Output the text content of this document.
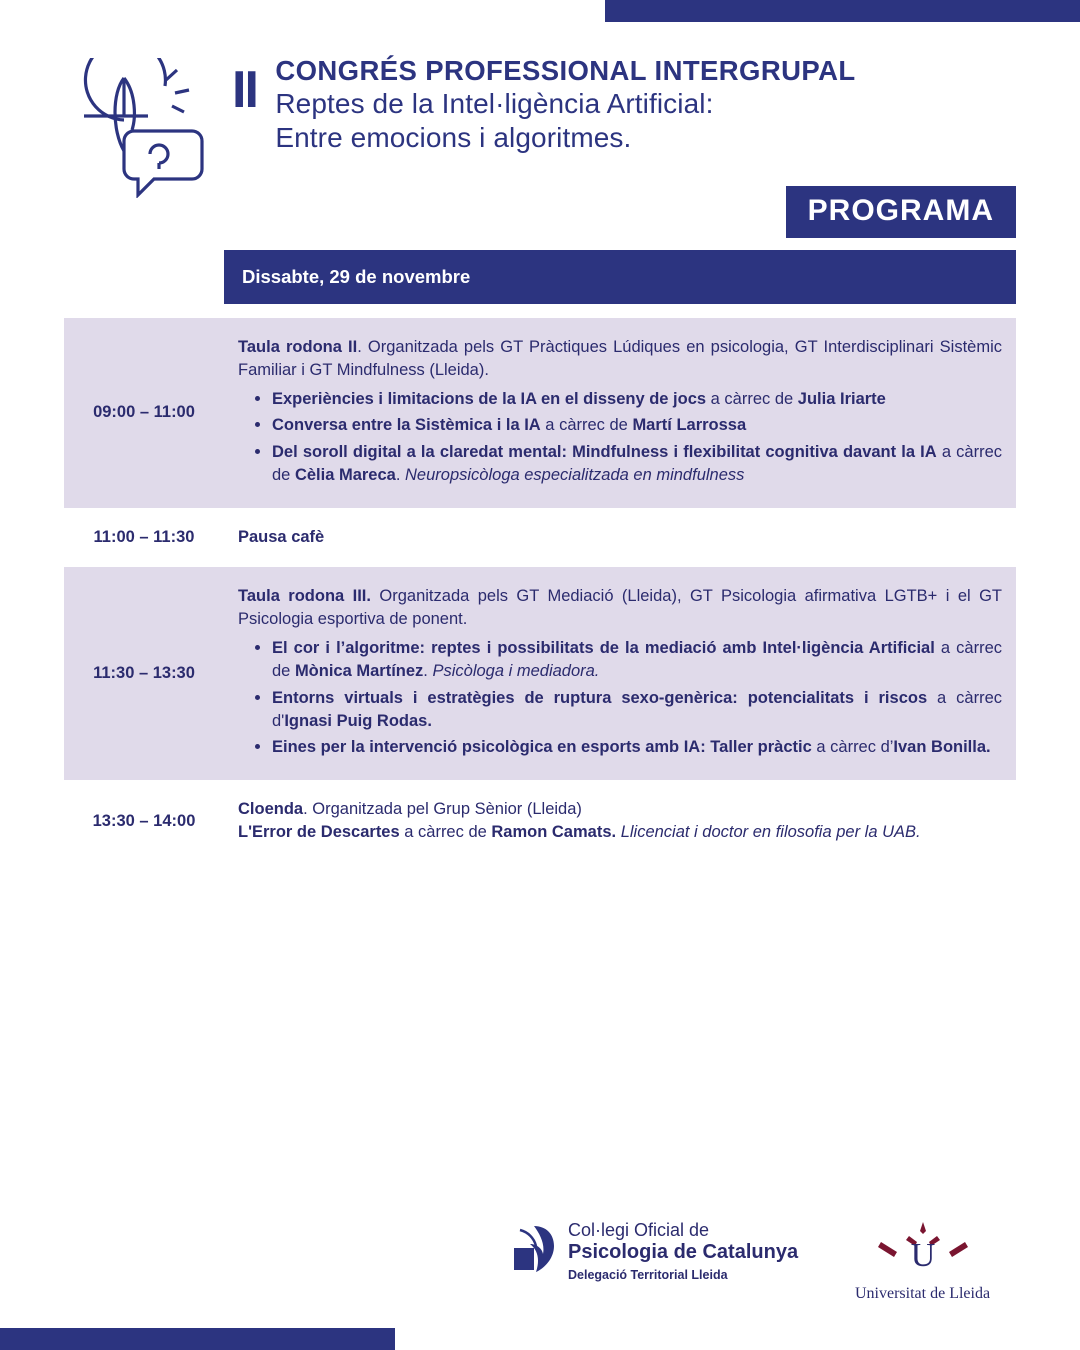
II CONGRÉS PROFESSIONAL INTERGRUPAL
Reptes de la Intel·ligència Artificial:
Entre emocions i algoritmes.
PROGRAMA
Dissabte, 29 de novembre
09:00 – 11:00

Taula rodona II. Organitzada pels GT Pràctiques Lúdiques en psicologia, GT Interdisciplinari Sistèmic Familiar i GT Mindfulness (Lleida).

• Experiències i limitacions de la IA en el disseny de jocs a càrrec de Julia Iriarte
• Conversa entre la Sistèmica i la IA a càrrec de Martí Larrossa
• Del soroll digital a la claredat mental: Mindfulness i flexibilitat cognitiva davant la IA a càrrec de Cèlia Mareca. Neuropsicòloga especialitzada en mindfulness
11:00 – 11:30	Pausa cafè

11:30 – 13:30

Taula rodona III. Organitzada pels GT Mediació (Lleida), GT Psicologia afirmativa LGTB+ i el GT Psicologia esportiva de ponent.

• El cor i l’algoritme: reptes i possibilitats de la mediació amb Intel·ligència Artificial a càrrec de Mònica Martínez. Psicòloga i mediadora.
• Entorns virtuals i estratègies de ruptura sexo-genèrica: potencialitats i riscos a càrrec d'Ignasi Puig Rodas.
• Eines per la intervenció psicològica en esports amb IA: Taller pràctic a càrrec d’Ivan Bonilla.
13:30 – 14:00

Cloenda. Organitzada pel Grup Sènior (Lleida)
L'Error de Descartes a càrrec de Ramon Camats. Llicenciat i doctor en filosofia per la UAB.

Col·legi Oficial de
Psicologia de Catalunya
Delegació Territorial Lleida
U
Universitat de Lleida
